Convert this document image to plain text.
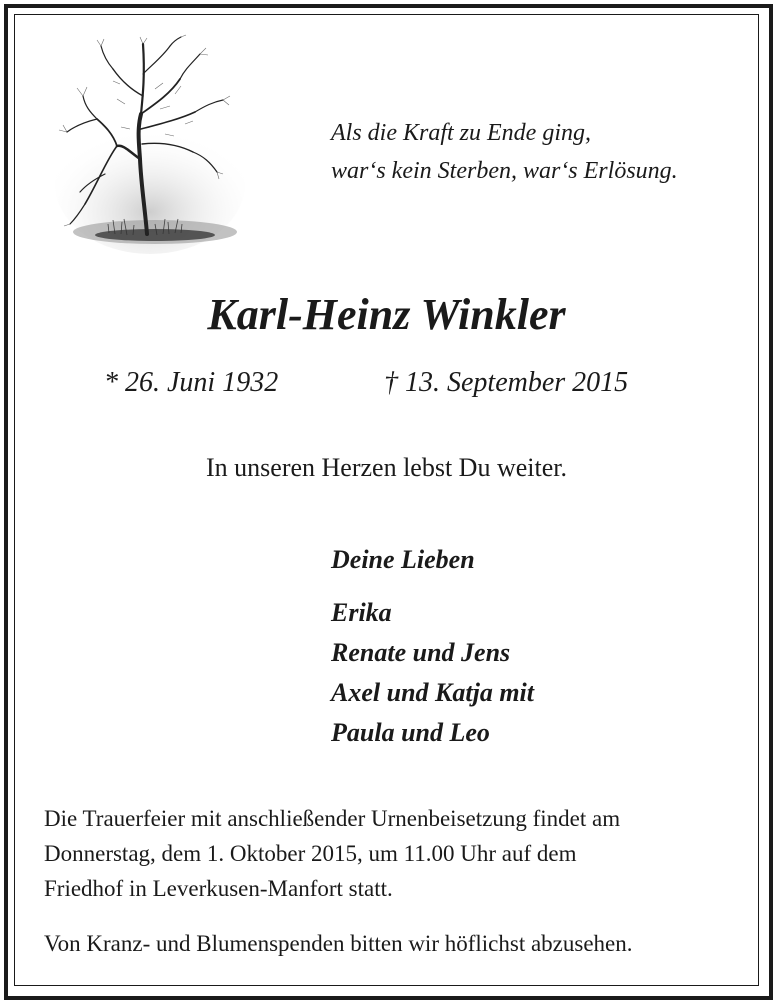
Als die Kraft zu Ende ging,
war‘s kein Sterben, war‘s Erlösung.
Karl-Heinz Winkler
* 26. Juni 1932	† 13. September 2015
In unseren Herzen lebst Du weiter.
Deine Lieben
Erika
Renate und Jens
Axel und Katja mit
Paula und Leo
Die Trauerfeier mit anschließender Urnenbeisetzung findet am
Donnerstag, dem 1. Oktober 2015, um 11.00 Uhr auf dem
Friedhof in Leverkusen-Manfort statt.
Von Kranz- und Blumenspenden bitten wir höflichst abzusehen.
